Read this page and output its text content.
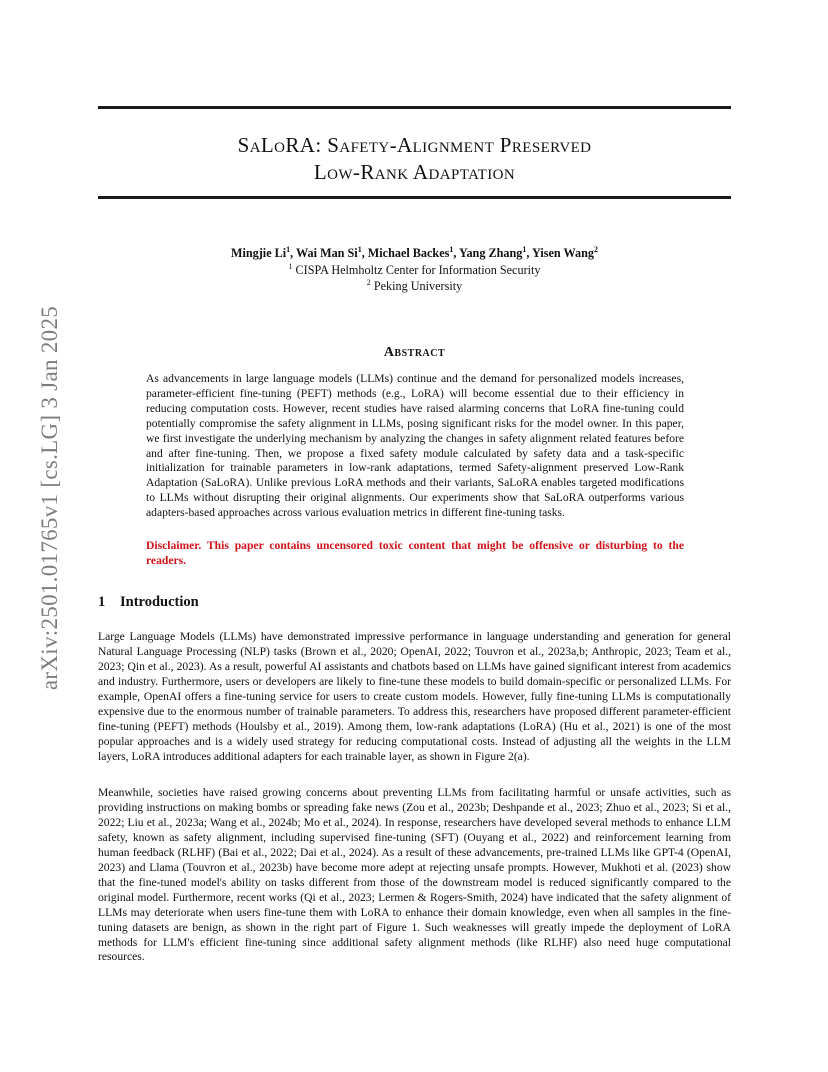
arXiv:2501.01765v1 [cs.LG] 3 Jan 2025
SaLoRA: Safety-Alignment Preserved
Low-Rank Adaptation
Mingjie Li$^1$, Wai Man Si$^1$, Michael Backes$^1$, Yang Zhang$^1$, Yisen Wang$^2$
$^1$ CISPA Helmholtz Center for Information Security
$^2$ Peking University
Abstract

As advancements in large language models (LLMs) continue and the demand for personalized models increases, parameter-efficient fine-tuning (PEFT) methods (e.g., LoRA) will become essential due to their efficiency in reducing computation costs. However, recent studies have raised alarming concerns that LoRA fine-tuning could potentially compromise the safety alignment in LLMs, posing significant risks for the model owner. In this paper, we first investigate the underlying mechanism by analyzing the changes in safety alignment related features before and after fine-tuning. Then, we propose a fixed safety module calculated by safety data and a task-specific initialization for trainable parameters in low-rank adaptations, termed Safety-alignment preserved Low-Rank Adaptation (SaLoRA). Unlike previous LoRA methods and their variants, SaLoRA enables targeted modifications to LLMs without disrupting their original alignments. Our experiments show that SaLoRA outperforms various adapters-based approaches across various evaluation metrics in different fine-tuning tasks.

Disclaimer. This paper contains uncensored toxic content that might be offensive or disturbing to the readers.

1 Introduction

Large Language Models (LLMs) have demonstrated impressive performance in language understanding and generation for general Natural Language Processing (NLP) tasks (Brown et al., 2020; OpenAI, 2022; Touvron et al., 2023a,b; Anthropic, 2023; Team et al., 2023; Qin et al., 2023). As a result, powerful AI assistants and chatbots based on LLMs have gained significant interest from academics and industry. Furthermore, users or developers are likely to fine-tune these models to build domain-specific or personalized LLMs. For example, OpenAI offers a fine-tuning service for users to create custom models. However, fully fine-tuning LLMs is computationally expensive due to the enormous number of trainable parameters. To address this, researchers have proposed different parameter-efficient fine-tuning (PEFT) methods (Houlsby et al., 2019). Among them, low-rank adaptations (LoRA) (Hu et al., 2021) is one of the most popular approaches and is a widely used strategy for reducing computational costs. Instead of adjusting all the weights in the LLM layers, LoRA introduces additional adapters for each trainable layer, as shown in Figure 2(a).

Meanwhile, societies have raised growing concerns about preventing LLMs from facilitating harmful or unsafe activities, such as providing instructions on making bombs or spreading fake news (Zou et al., 2023b; Deshpande et al., 2023; Zhuo et al., 2023; Si et al., 2022; Liu et al., 2023a; Wang et al., 2024b; Mo et al., 2024). In response, researchers have developed several methods to enhance LLM safety, known as safety alignment, including supervised fine-tuning (SFT) (Ouyang et al., 2022) and reinforcement learning from human feedback (RLHF) (Bai et al., 2022; Dai et al., 2024). As a result of these advancements, pre-trained LLMs like GPT-4 (OpenAI, 2023) and Llama (Touvron et al., 2023b) have become more adept at rejecting unsafe prompts. However, Mukhoti et al. (2023) show that the fine-tuned model's ability on tasks different from those of the downstream model is reduced significantly compared to the original model. Furthermore, recent works (Qi et al., 2023; Lermen & Rogers-Smith, 2024) have indicated that the safety alignment of LLMs may deteriorate when users fine-tune them with LoRA to enhance their domain knowledge, even when all samples in the fine-tuning datasets are benign, as shown in the right part of Figure 1. Such weaknesses will greatly impede the deployment of LoRA methods for LLM's efficient fine-tuning since additional safety alignment methods (like RLHF) also need huge computational resources.
